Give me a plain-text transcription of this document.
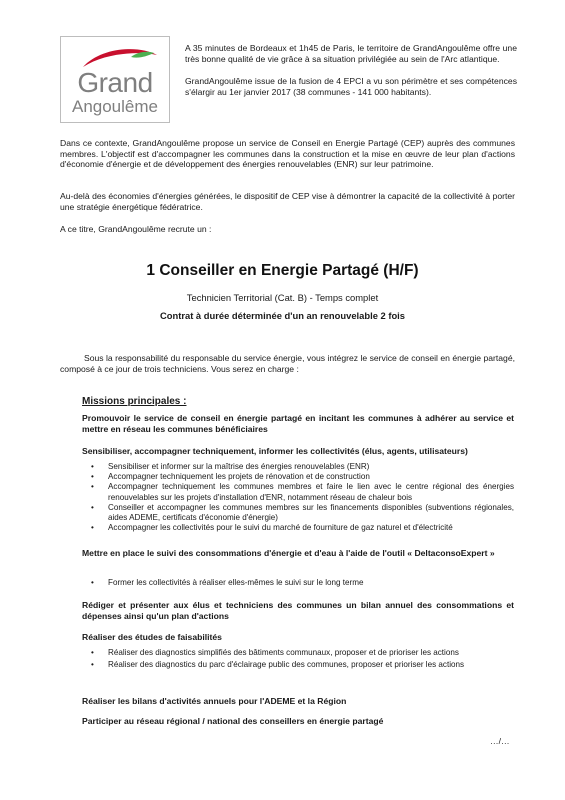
Grand
Angoulême

A 35 minutes de Bordeaux et 1h45 de Paris, le territoire de GrandAngoulême offre une très bonne qualité de vie grâce à sa situation privilégiée au sein de l'Arc atlantique.

GrandAngoulême issue de la fusion de 4 EPCI a vu son périmètre et ses compétences s'élargir au 1er janvier 2017 (38 communes - 141 000 habitants).

Dans ce contexte, GrandAngoulême propose un service de Conseil en Energie Partagé (CEP) auprès des communes membres. L'objectif est d'accompagner les communes dans la construction et la mise en œuvre de leur plan d'actions d'économie d'énergie et de développement des énergies renouvelables (ENR) sur leur patrimoine.

Au-delà des économies d'énergies générées, le dispositif de CEP vise à démontrer la capacité de la collectivité à porter une stratégie énergétique fédératrice.

A ce titre, GrandAngoulême recrute un :

1 Conseiller en Energie Partagé (H/F)
Technicien Territorial (Cat. B) - Temps complet
Contrat à durée déterminée d'un an renouvelable 2 fois
Sous la responsabilité du responsable du service énergie, vous intégrez le service de conseil en énergie partagé, composé à ce jour de trois techniciens. Vous serez en charge :
Missions principales :
Promouvoir le service de conseil en énergie partagé en incitant les communes à adhérer au service et mettre en réseau les communes bénéficiaires
Sensibiliser, accompagner techniquement, informer les collectivités (élus, agents, utilisateurs)
• Sensibiliser et informer sur la maîtrise des énergies renouvelables (ENR)
• Accompagner techniquement les projets de rénovation et de construction
• Accompagner techniquement les communes membres et faire le lien avec le centre régional des énergies renouvelables sur les projets d'installation d'ENR, notamment réseau de chaleur bois
• Conseiller et accompagner les communes membres sur les financements disponibles (subventions régionales, aides ADEME, certificats d'économie d'énergie)
• Accompagner les collectivités pour le suivi du marché de fourniture de gaz naturel et d'électricité
Mettre en place le suivi des consommations d'énergie et d'eau à l'aide de l'outil « DeltaconsoExpert »
• Former les collectivités à réaliser elles-mêmes le suivi sur le long terme
Rédiger et présenter aux élus et techniciens des communes un bilan annuel des consommations et dépenses ainsi qu'un plan d'actions
Réaliser des études de faisabilités
• Réaliser des diagnostics simplifiés des bâtiments communaux, proposer et de prioriser les actions
• Réaliser des diagnostics du parc d'éclairage public des communes, proposer et prioriser les actions
Réaliser les bilans d'activités annuels pour l'ADEME et la Région
Participer au réseau régional / national des conseillers en énergie partagé
…/…
